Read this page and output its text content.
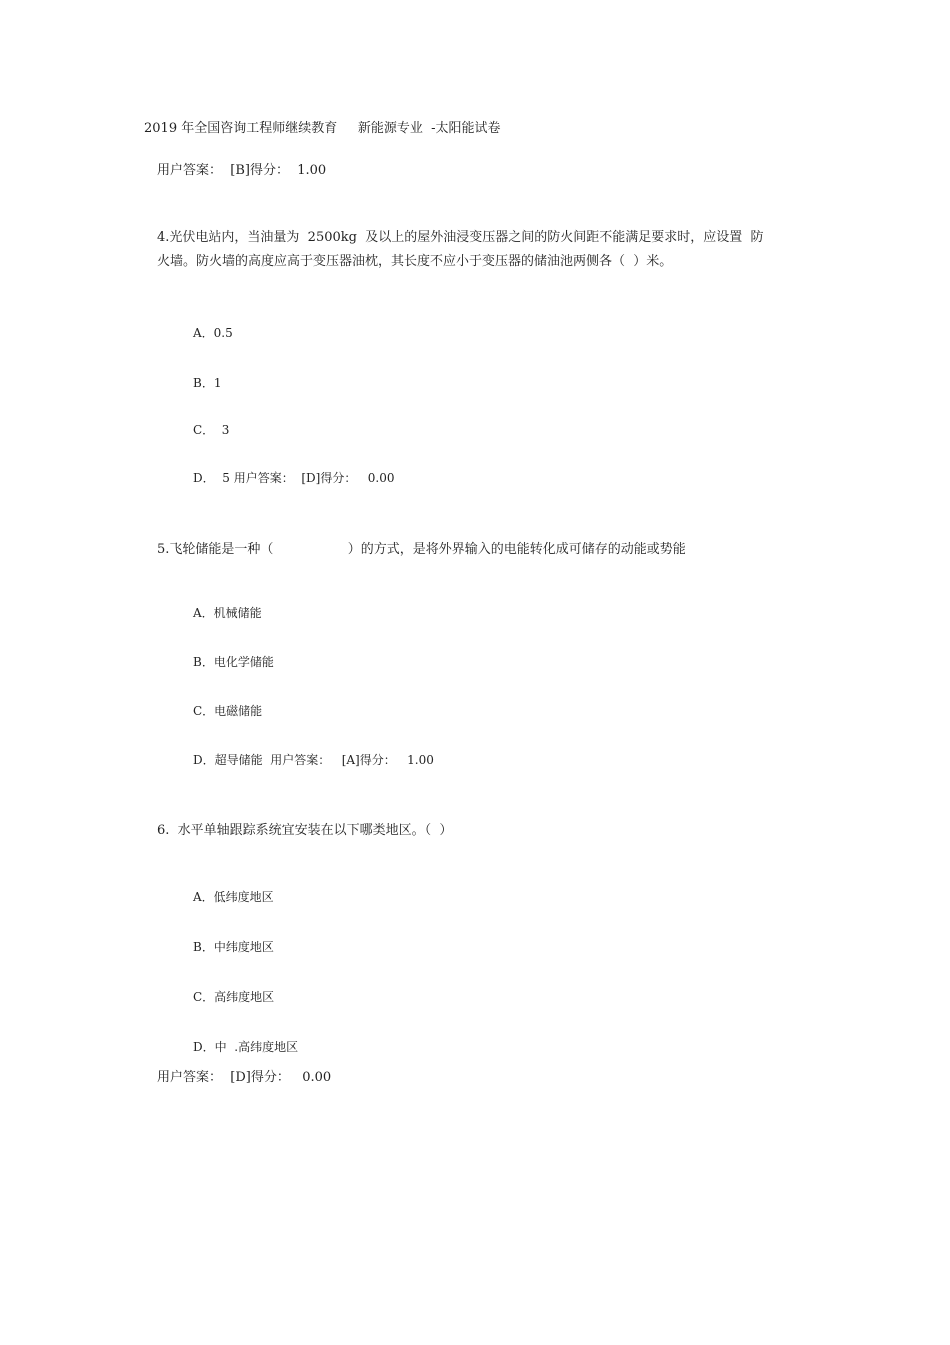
2019 年全国咨询工程师继续教育     新能源专业  -太阳能试卷
用户答案：  [B]得分：  1.00
4.光伏电站内，当油量为  2500kg  及以上的屋外油浸变压器之间的防火间距不能满足要求时，应设置  防
火墙。防火墙的高度应高于变压器油枕，其长度不应小于变压器的储油池两侧各（  ）米。
A．0.5
B．1
C．  3
D．  5 用户答案：  [D]得分：   0.00
5.飞轮储能是一种（                  ）的方式，是将外界输入的电能转化成可储存的动能或势能
A．机械储能
B．电化学储能
C．电磁储能
D．超导储能  用户答案：   [A]得分：   1.00
6.  水平单轴跟踪系统宜安装在以下哪类地区。（  ）
A．低纬度地区
B．中纬度地区
C．高纬度地区
D．中  .高纬度地区
用户答案：  [D]得分：   0.00
